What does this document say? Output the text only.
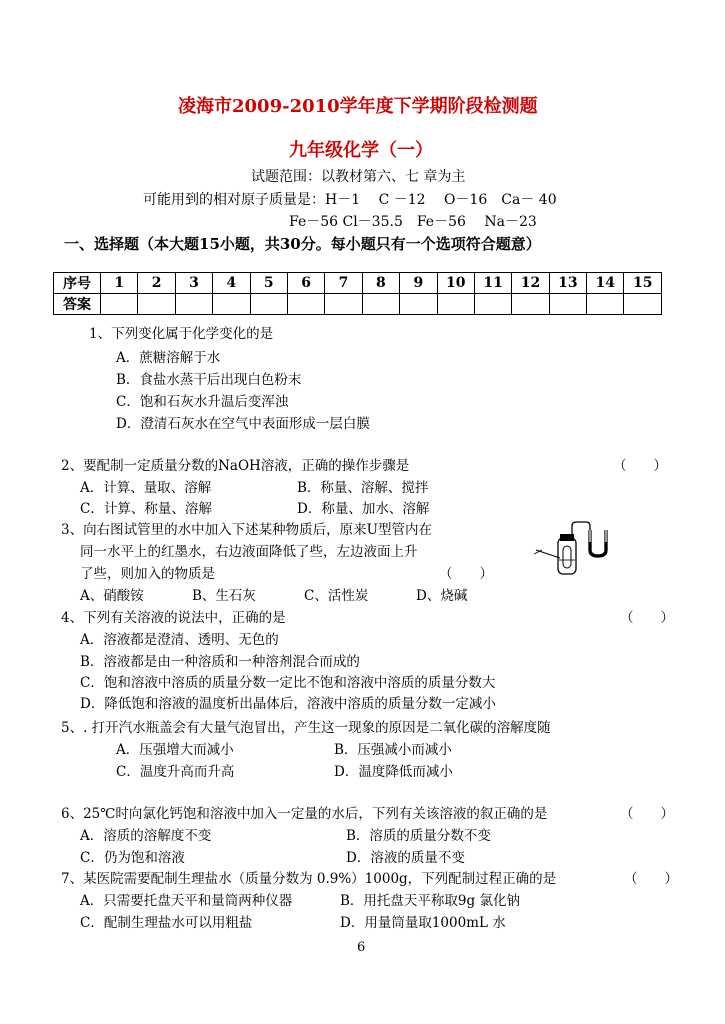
凌海市2009-2010学年度下学期阶段检测题
九年级化学（一）
试题范围：以教材第六、七 章为主
可能用到的相对原子质量是：H－1　 C －12　 O－16　Ca－ 40
Fe－56 Cl－35.5　Fe－56　 Na－23
一、选择题（本大题15小题，共30分。每小题只有一个选项符合题意）
序号	1	2	3	4	5	6	7	8	9	10	11	12	13	14	15
答案															
1、下列变化属于化学变化的是
A．蔗糖溶解于水
B．食盐水蒸干后出现白色粉末
C．饱和石灰水升温后变浑浊
D．澄清石灰水在空气中表面形成一层白膜
2、要配制一定质量分数的NaOH溶液，正确的操作步骤是	（　　）
A．计算、量取、溶解	B．称量、溶解、搅拌
C．计算、称量、溶解	D．称量、加水、溶解
3、向右图试管里的水中加入下述某种物质后，原来U型管内在
同一水平上的红墨水，右边液面降低了些，左边液面上升
了些，则加入的物质是	（　　）
A、硝酸铵	B、生石灰	C、活性炭	D、烧碱
4、下列有关溶液的说法中，正确的是	（　　）
A．溶液都是澄清、透明、无色的
B．溶液都是由一种溶质和一种溶剂混合而成的
C．饱和溶液中溶质的质量分数一定比不饱和溶液中溶质的质量分数大
D．降低饱和溶液的温度析出晶体后，溶液中溶质的质量分数一定减小
5、. 打开汽水瓶盖会有大量气泡冒出，产生这一现象的原因是二氧化碳的溶解度随
A．压强增大而减小	B．压强减小而减小
C．温度升高而升高	D．温度降低而减小
6、25℃时向氯化钙饱和溶液中加入一定量的水后，下列有关该溶液的叙正确的是	（　　）
A．溶质的溶解度不变	B．溶质的质量分数不变
C．仍为饱和溶液	D．溶液的质量不变
7、某医院需要配制生理盐水（质量分数为 0.9%）1000g，下列配制过程正确的是	（　　）
A．只需要托盘天平和量筒两种仪器	B．用托盘天平称取9g 氯化钠
C．配制生理盐水可以用粗盐	D．用量筒量取1000mL 水
6
